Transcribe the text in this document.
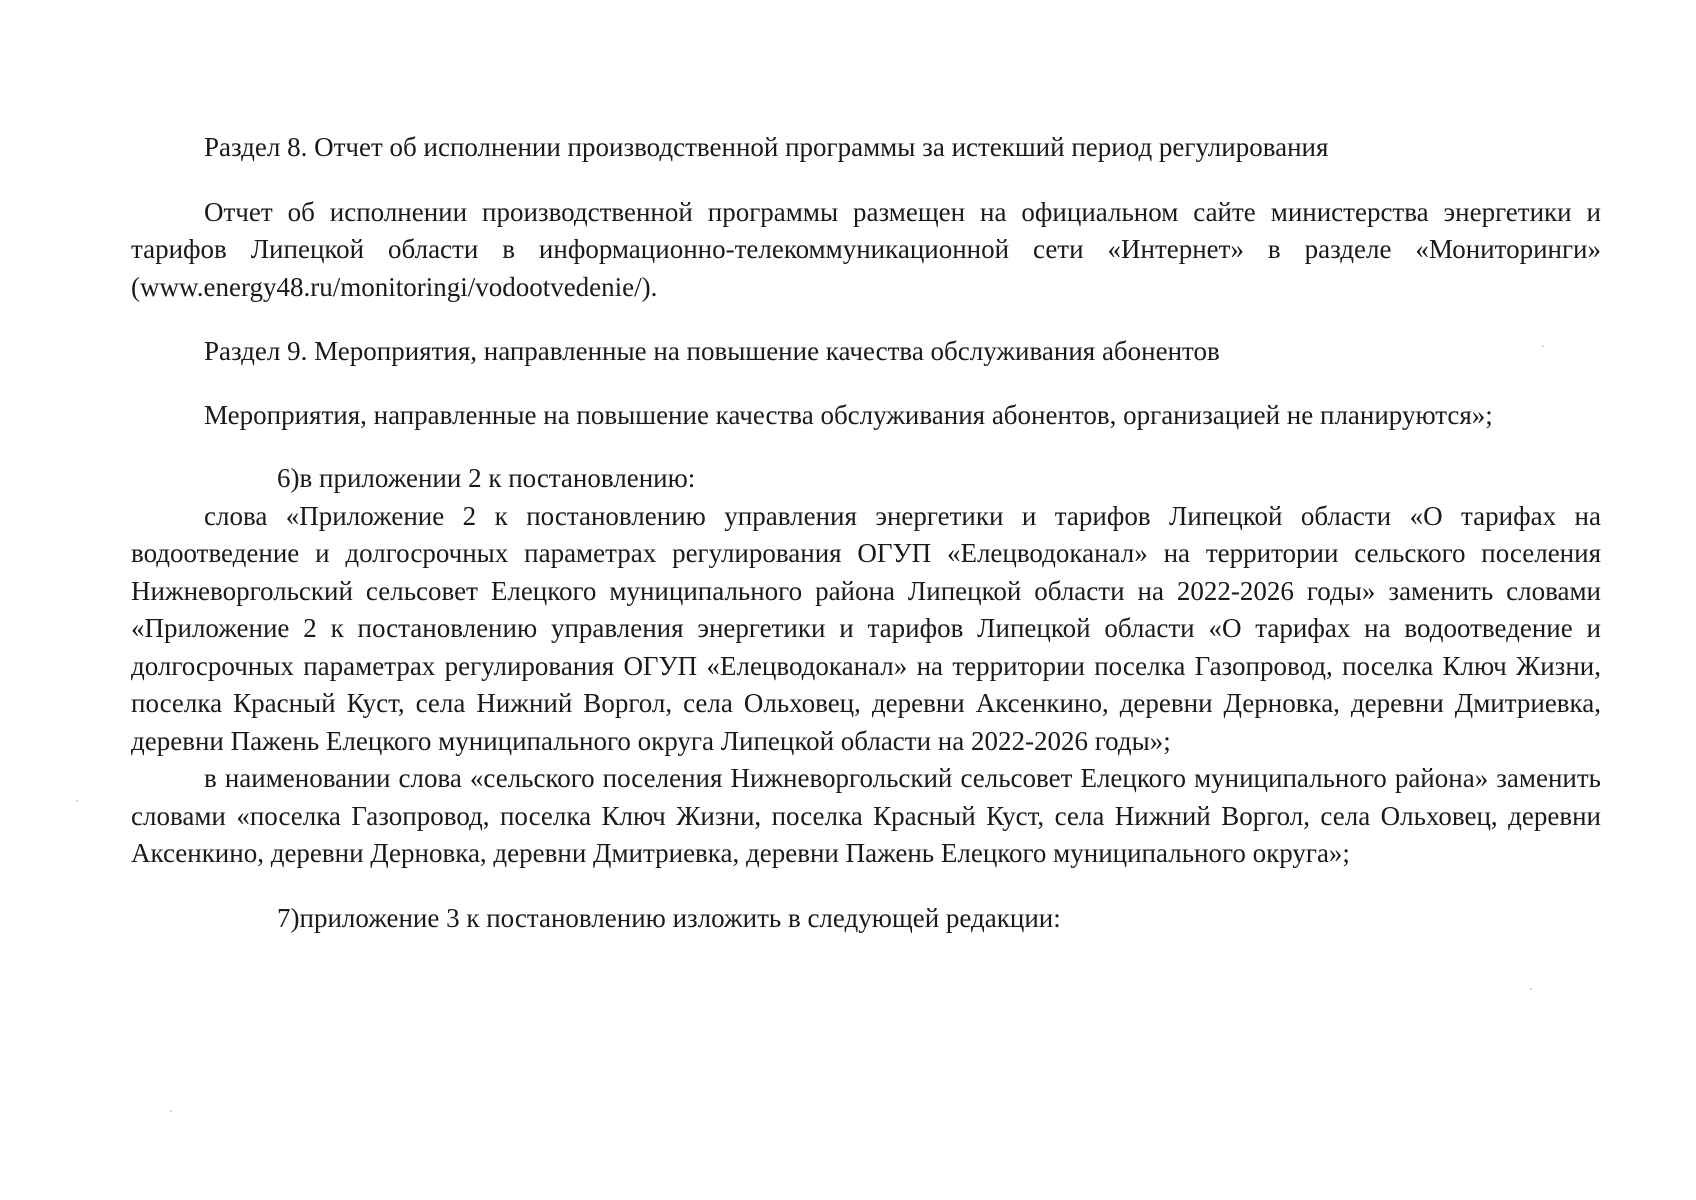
Раздел 8. Отчет об исполнении производственной программы за истекший период регулирования

Отчет об исполнении производственной программы размещен на официальном сайте министерства энергетики и тарифов Липецкой области в информационно-телекоммуникационной сети «Интернет» в разделе «Мониторинги» (www.energy48.ru/monitoringi/vodootvedenie/).

Раздел 9. Мероприятия, направленные на повышение качества обслуживания абонентов

Мероприятия, направленные на повышение качества обслуживания абонентов, организацией не планируются»;

6)в приложении 2 к постановлению:

слова «Приложение 2 к постановлению управления энергетики и тарифов Липецкой области «О тарифах на водоотведение и долгосрочных параметрах регулирования ОГУП «Елецводоканал» на территории сельского поселения Нижневоргольский сельсовет Елецкого муниципального района Липецкой области на 2022-2026 годы» заменить словами «Приложение 2 к постановлению управления энергетики и тарифов Липецкой области «О тарифах на водоотведение и долгосрочных параметрах регулирования ОГУП «Елецводоканал» на территории поселка Газопровод, поселка Ключ Жизни, поселка Красный Куст, села Нижний Воргол, села Ольховец, деревни Аксенкино, деревни Дерновка, деревни Дмитриевка, деревни Пажень Елецкого муниципального округа Липецкой области на 2022-2026 годы»;

в наименовании слова «сельского поселения Нижневоргольский сельсовет Елецкого муниципального района» заменить словами «поселка Газопровод, поселка Ключ Жизни, поселка Красный Куст, села Нижний Воргол, села Ольховец, деревни Аксенкино, деревни Дерновка, деревни Дмитриевка, деревни Пажень Елецкого муниципального округа»;

7)приложение 3 к постановлению изложить в следующей редакции:
